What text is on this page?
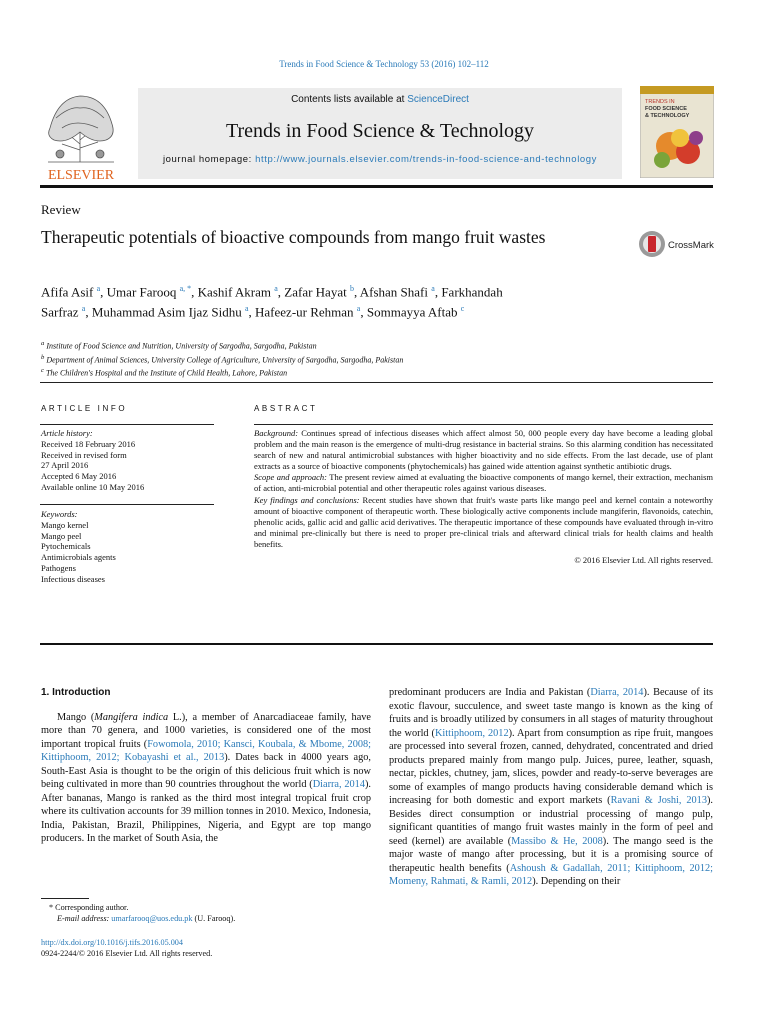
Trends in Food Science & Technology 53 (2016) 102–112
ELSEVIER
Contents lists available at ScienceDirect
Trends in Food Science & Technology
journal homepage: http://www.journals.elsevier.com/trends-in-food-science-and-technology
TRENDS IN
FOOD SCIENCE
& TECHNOLOGY
Review
Therapeutic potentials of bioactive compounds from mango fruit wastes	CrossMark
Afifa Asif $^a$, Umar Farooq $^{a, *}$, Kashif Akram $^a$, Zafar Hayat $^b$, Afshan Shafi $^a$, Farkhandah Sarfraz $^a$, Muhammad Asim Ijaz Sidhu $^a$, Hafeez-ur Rehman $^a$, Sommayya Aftab $^c$
$^a$ Institute of Food Science and Nutrition, University of Sargodha, Sargodha, Pakistan
$^b$ Department of Animal Sciences, University College of Agriculture, University of Sargodha, Sargodha, Pakistan
$^c$ The Children's Hospital and the Institute of Child Health, Lahore, Pakistan
ARTICLE INFO	ABSTRACT
Article history:
Received 18 February 2016
Received in revised form
27 April 2016
Accepted 6 May 2016
Available online 10 May 2016
Keywords:
Mango kernel
Mango peel
Pytochemicals
Antimicrobials agents
Pathogens
Infectious diseases

Background: Continues spread of infectious diseases which affect almost 50, 000 people every day have become a leading global problem and the main reason is the emergence of multi-drug resistance in bacterial strains. So this alarming condition has necessitated search of new and natural antimicrobial substances with higher bioactivity and no side effects. From the last decade, use of plant extracts as a source of bioactive components (phytochemicals) has gained wide attention against synthetic antibiotic drugs.

Scope and approach: The present review aimed at evaluating the bioactive components of mango kernel, their extraction, mechanism of action, anti-microbial potential and other therapeutic roles against various diseases.

Key findings and conclusions: Recent studies have shown that fruit's waste parts like mango peel and kernel contain a noteworthy amount of bioactive component of therapeutic worth. These biologically active components include mangiferin, flavonoids, catechin, phenolic acids, gallic acid and gallic acid derivatives. The therapeutic importance of these compounds have evaluated through in-vitro and minimal pre-clinically but there is need to proper pre-clinical trials and afterward clinical trials for health claims and health benefits.

© 2016 Elsevier Ltd. All rights reserved.

1. Introduction

Mango (Mangifera indica L.), a member of Anarcadiaceae family, have more than 70 genera, and 1000 varieties, is considered one of the most important tropical fruits (Fowomola, 2010; Kansci, Koubala, & Mbome, 2008; Kittiphoom, 2012; Kobayashi et al., 2013). Dates back in 4000 years ago, South-East Asia is thought to be the origin of this delicious fruit which is now being cultivated in more than 90 countries throughout the world (Diarra, 2014). After bananas, Mango is ranked as the third most integral tropical fruit crop where its cultivation accounts for 39 million tonnes in 2010. Mexico, Indonesia, India, Pakistan, Brazil, Philippines, Nigeria, and Egypt are top mango producers. In the market of South Asia, the

predominant producers are India and Pakistan (Diarra, 2014). Because of its exotic flavour, succulence, and sweet taste mango is known as the king of fruits and is broadly utilized by consumers in all stages of maturity throughout the world (Kittiphoom, 2012). Apart from consumption as ripe fruit, mangoes are processed into several frozen, canned, dehydrated, concentrated and dried products prepared mainly from mango pulp. Juices, puree, leather, squash, nectar, pickles, chutney, jam, slices, powder and ready-to-serve beverages are some of examples of mango products having considerable demand which is increasing for both domestic and export markets (Ravani & Joshi, 2013). Besides direct consumption or industrial processing of mango pulp, significant quantities of mango fruit wastes mainly in the form of peel and seed (kernel) are available (Massibo & He, 2008). The mango seed is the major waste of mango after processing, but it is a promising source of therapeutic health benefits (Ashoush & Gadallah, 2011; Kittiphoom, 2012; Momeny, Rahmati, & Ramli, 2012). Depending on their

* Corresponding author.
E-mail address: umarfarooq@uos.edu.pk (U. Farooq).
http://dx.doi.org/10.1016/j.tifs.2016.05.004
0924-2244/© 2016 Elsevier Ltd. All rights reserved.
